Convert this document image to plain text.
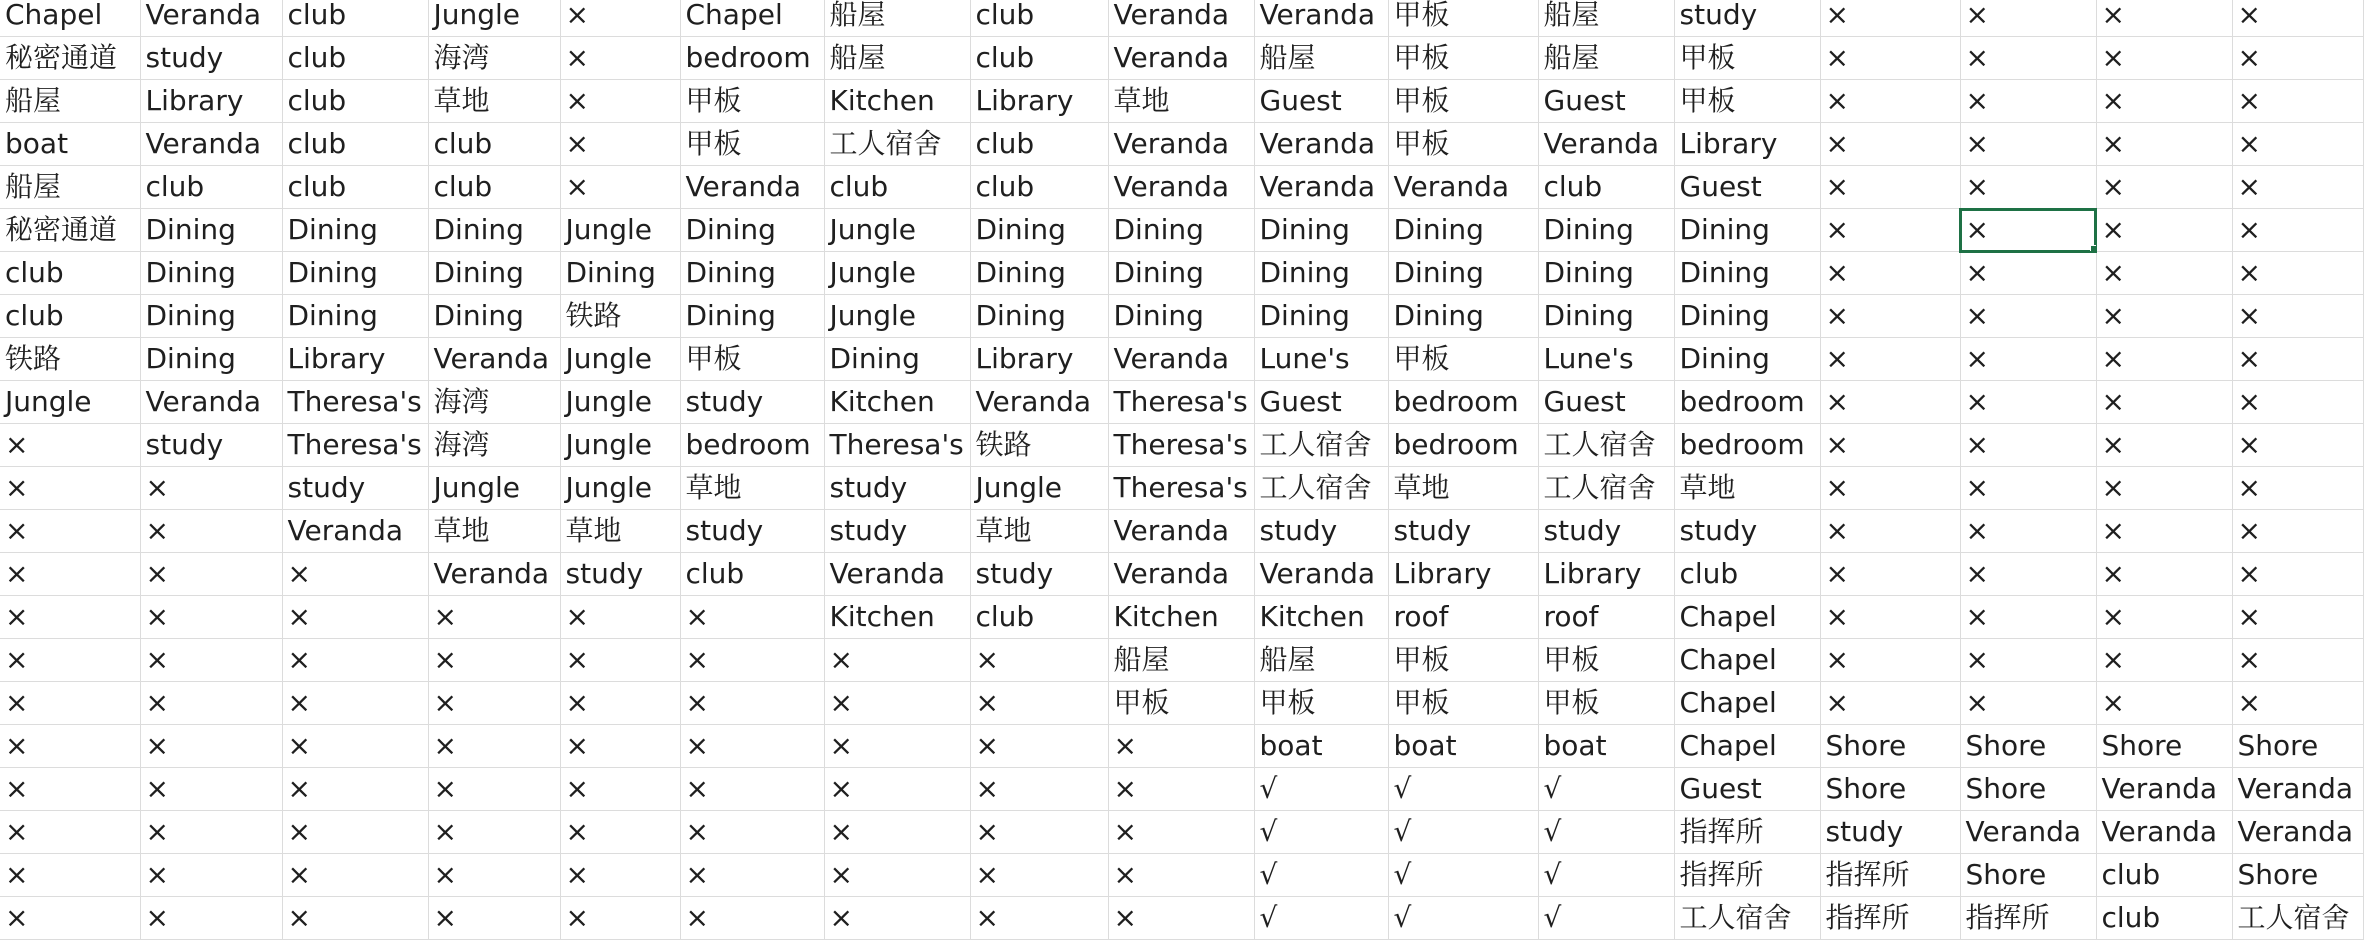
Chapel	Veranda	club	Jungle	×	Chapel	船屋	club	Veranda	Veranda	甲板	船屋	study	×	×	×	×
秘密通道	study	club	海湾	×	bedroom	船屋	club	Veranda	船屋	甲板	船屋	甲板	×	×	×	×
船屋	Library	club	草地	×	甲板	Kitchen	Library	草地	Guest	甲板	Guest	甲板	×	×	×	×
boat	Veranda	club	club	×	甲板	工人宿舍	club	Veranda	Veranda	甲板	Veranda	Library	×	×	×	×
船屋	club	club	club	×	Veranda	club	club	Veranda	Veranda	Veranda	club	Guest	×	×	×	×
秘密通道	Dining	Dining	Dining	Jungle	Dining	Jungle	Dining	Dining	Dining	Dining	Dining	Dining	×	×	×	×
club	Dining	Dining	Dining	Dining	Dining	Jungle	Dining	Dining	Dining	Dining	Dining	Dining	×	×	×	×
club	Dining	Dining	Dining	铁路	Dining	Jungle	Dining	Dining	Dining	Dining	Dining	Dining	×	×	×	×
铁路	Dining	Library	Veranda	Jungle	甲板	Dining	Library	Veranda	Lune's	甲板	Lune's	Dining	×	×	×	×
Jungle	Veranda	Theresa's	海湾	Jungle	study	Kitchen	Veranda	Theresa's	Guest	bedroom	Guest	bedroom	×	×	×	×
×	study	Theresa's	海湾	Jungle	bedroom	Theresa's	铁路	Theresa's	工人宿舍	bedroom	工人宿舍	bedroom	×	×	×	×
×	×	study	Jungle	Jungle	草地	study	Jungle	Theresa's	工人宿舍	草地	工人宿舍	草地	×	×	×	×
×	×	Veranda	草地	草地	study	study	草地	Veranda	study	study	study	study	×	×	×	×
×	×	×	Veranda	study	club	Veranda	study	Veranda	Veranda	Library	Library	club	×	×	×	×
×	×	×	×	×	×	Kitchen	club	Kitchen	Kitchen	roof	roof	Chapel	×	×	×	×
×	×	×	×	×	×	×	×	船屋	船屋	甲板	甲板	Chapel	×	×	×	×
×	×	×	×	×	×	×	×	甲板	甲板	甲板	甲板	Chapel	×	×	×	×
×	×	×	×	×	×	×	×	×	boat	boat	boat	Chapel	Shore	Shore	Shore	Shore
×	×	×	×	×	×	×	×	×	√	√	√	Guest	Shore	Shore	Veranda	Veranda
×	×	×	×	×	×	×	×	×	√	√	√	指挥所	study	Veranda	Veranda	Veranda
×	×	×	×	×	×	×	×	×	√	√	√	指挥所	指挥所	Shore	club	Shore
×	×	×	×	×	×	×	×	×	√	√	√	工人宿舍	指挥所	指挥所	club	工人宿舍
